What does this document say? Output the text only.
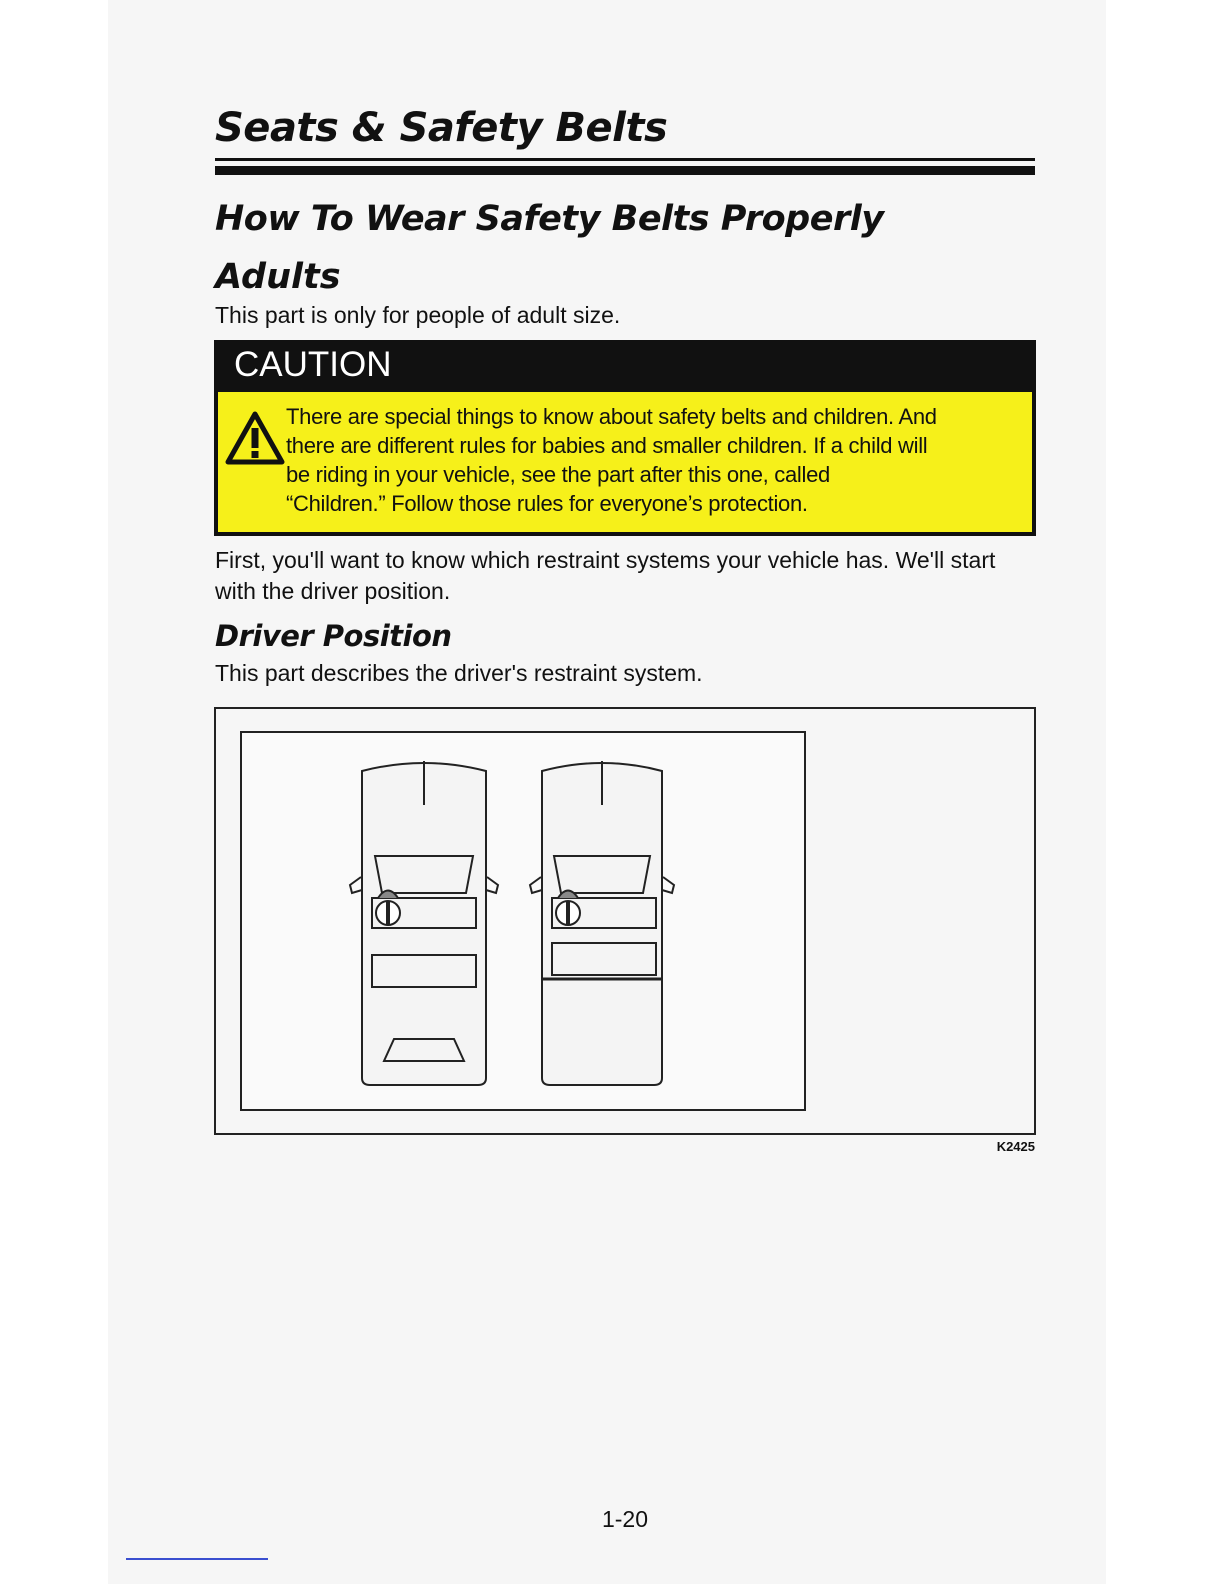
Seats & Safety Belts
How To Wear Safety Belts Properly
Adults

This part is only for people of adult size.

CAUTION

There are special things to know about safety belts and children. And
there are different rules for babies and smaller children. If a child will
be riding in your vehicle, see the part after this one, called
“Children.” Follow those rules for everyone’s protection.

First, you'll want to know which restraint systems your vehicle has. We'll start
with the driver position.

Driver Position

This part describes the driver's restraint system.

K2425
1-20
